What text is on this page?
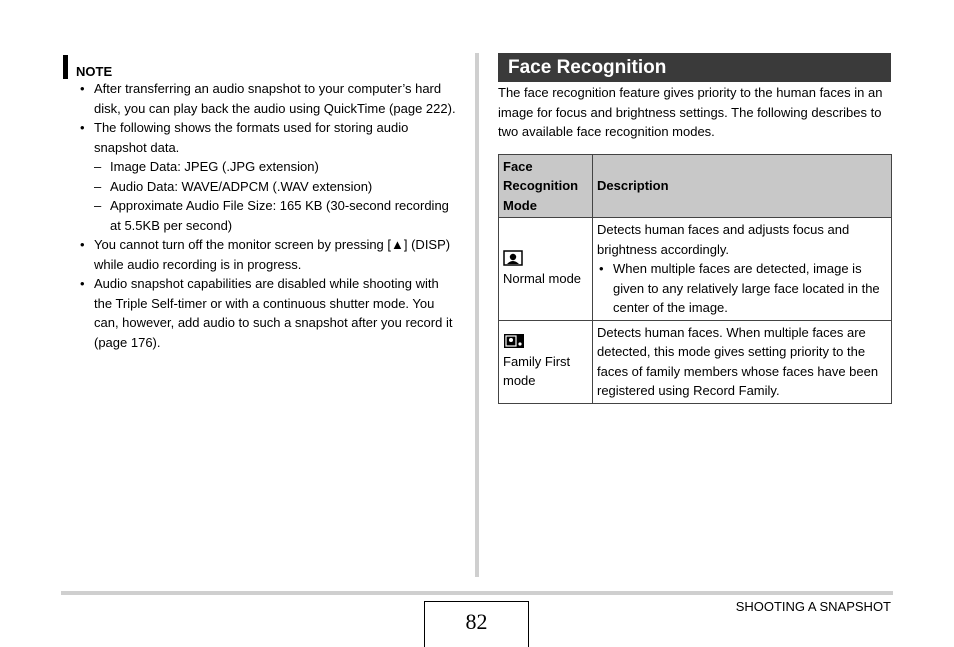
NOTE
• After transferring an audio snapshot to your computer’s hard disk, you can play back the audio using QuickTime (page 222).
• The following shows the formats used for storing audio snapshot data.
– Image Data: JPEG (.JPG extension)
– Audio Data: WAVE/ADPCM (.WAV extension)
– Approximate Audio File Size: 165 KB (30-second recording at 5.5KB per second)
• You cannot turn off the monitor screen by pressing [▲] (DISP) while audio recording is in progress.
• Audio snapshot capabilities are disabled while shooting with the Triple Self-timer or with a continuous shutter mode. You can, however, add audio to such a snapshot after you record it (page 176).
Face Recognition
The face recognition feature gives priority to the human faces in an image for focus and brightness settings. The following describes to two available face recognition modes.
Face Recognition Mode	Description

Normal mode	Detects human faces and adjusts focus and brightness accordingly.
• When multiple faces are detected, image is given to any relatively large face located in the center of the image.

Family First mode	Detects human faces. When multiple faces are detected, this mode gives setting priority to the faces of family members whose faces have been registered using Record Family.
82
SHOOTING A SNAPSHOT
